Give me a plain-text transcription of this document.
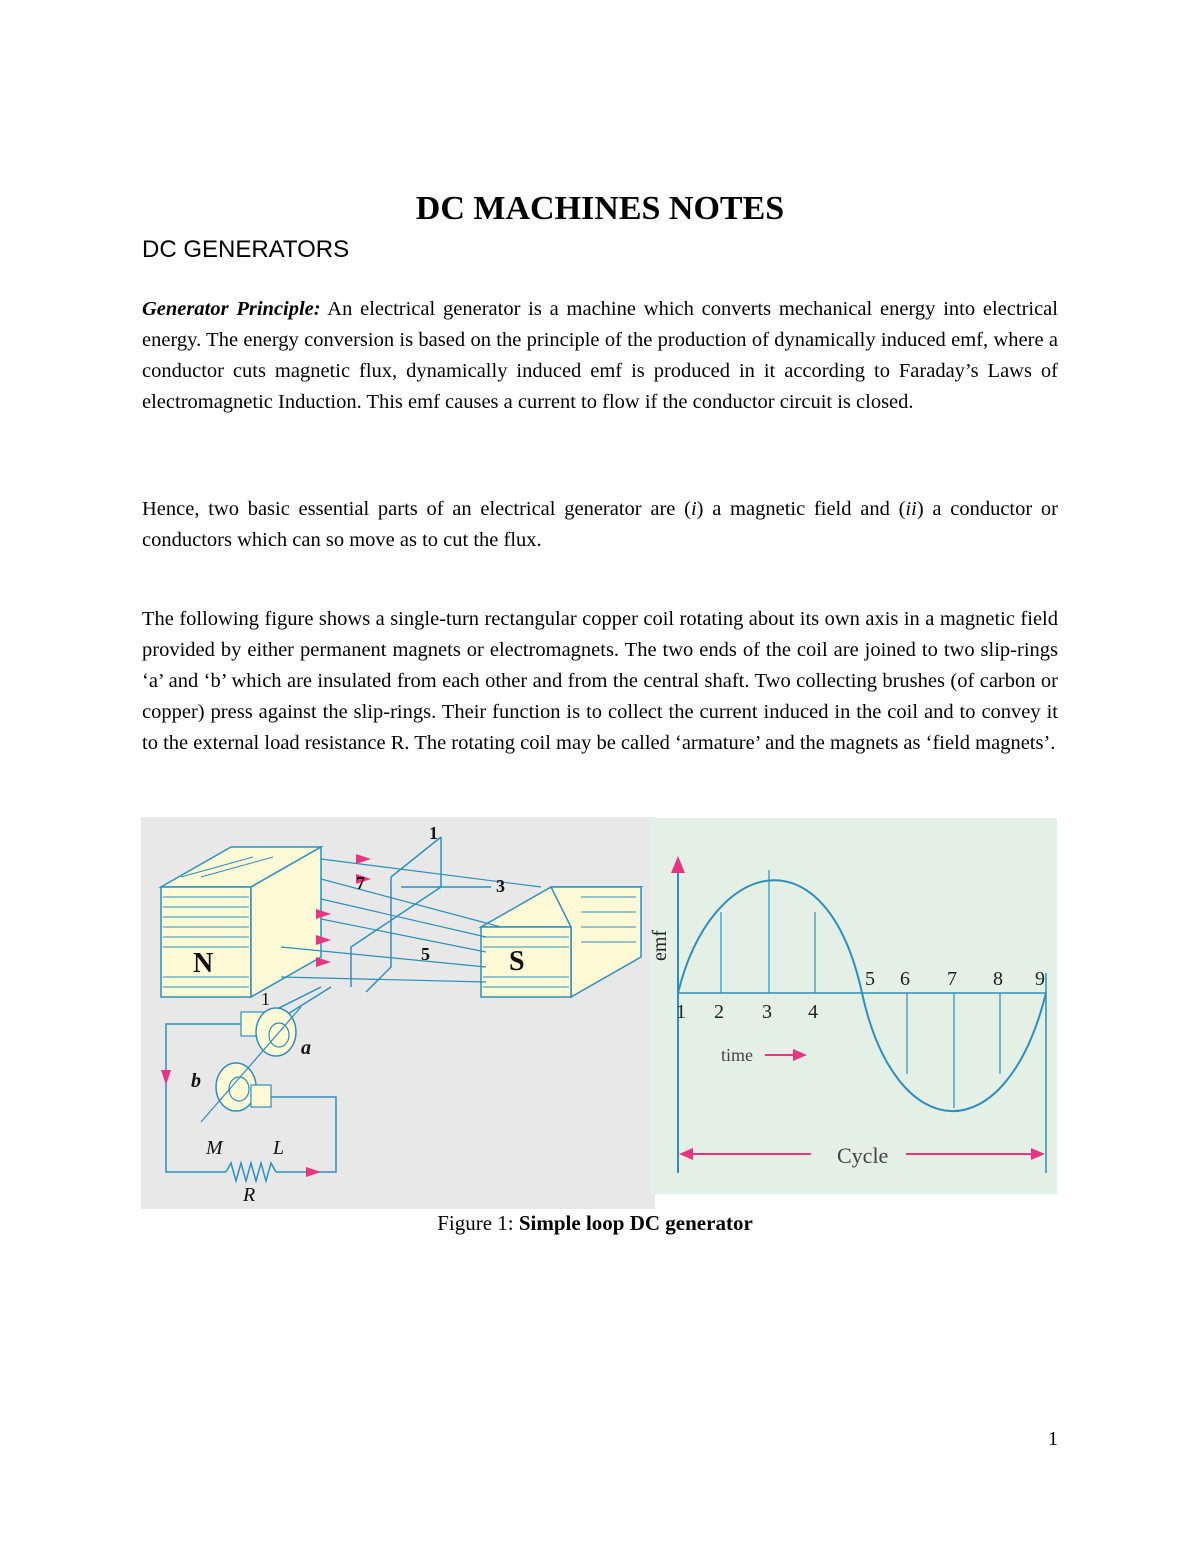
DC MACHINES NOTES
DC GENERATORS
Generator Principle: An electrical generator is a machine which converts mechanical energy into electrical energy. The energy conversion is based on the principle of the production of dynamically induced emf, where a conductor cuts magnetic flux, dynamically induced emf is produced in it according to Faraday’s Laws of electromagnetic Induction. This emf causes a current to flow if the conductor circuit is closed.
Hence, two basic essential parts of an electrical generator are (i) a magnetic field and (ii) a conductor or conductors which can so move as to cut the flux.
The following figure shows a single-turn rectangular copper coil rotating about its own axis in a magnetic field provided by either permanent magnets or electromagnets. The two ends of the coil are joined to two slip-rings ‘a’ and ‘b’ which are insulated from each other and from the central shaft. Two collecting brushes (of carbon or copper) press against the slip-rings. Their function is to collect the current induced in the coil and to convey it to the external load resistance R. The rotating coil may be called ‘armature’ and the magnets as ‘field magnets’.
N	S
1
7	3
5
1
a
b
M	L
R
emf
1 2 3 4
5 6 7 8 9
time
Cycle
Figure 1: Simple loop DC generator
1
